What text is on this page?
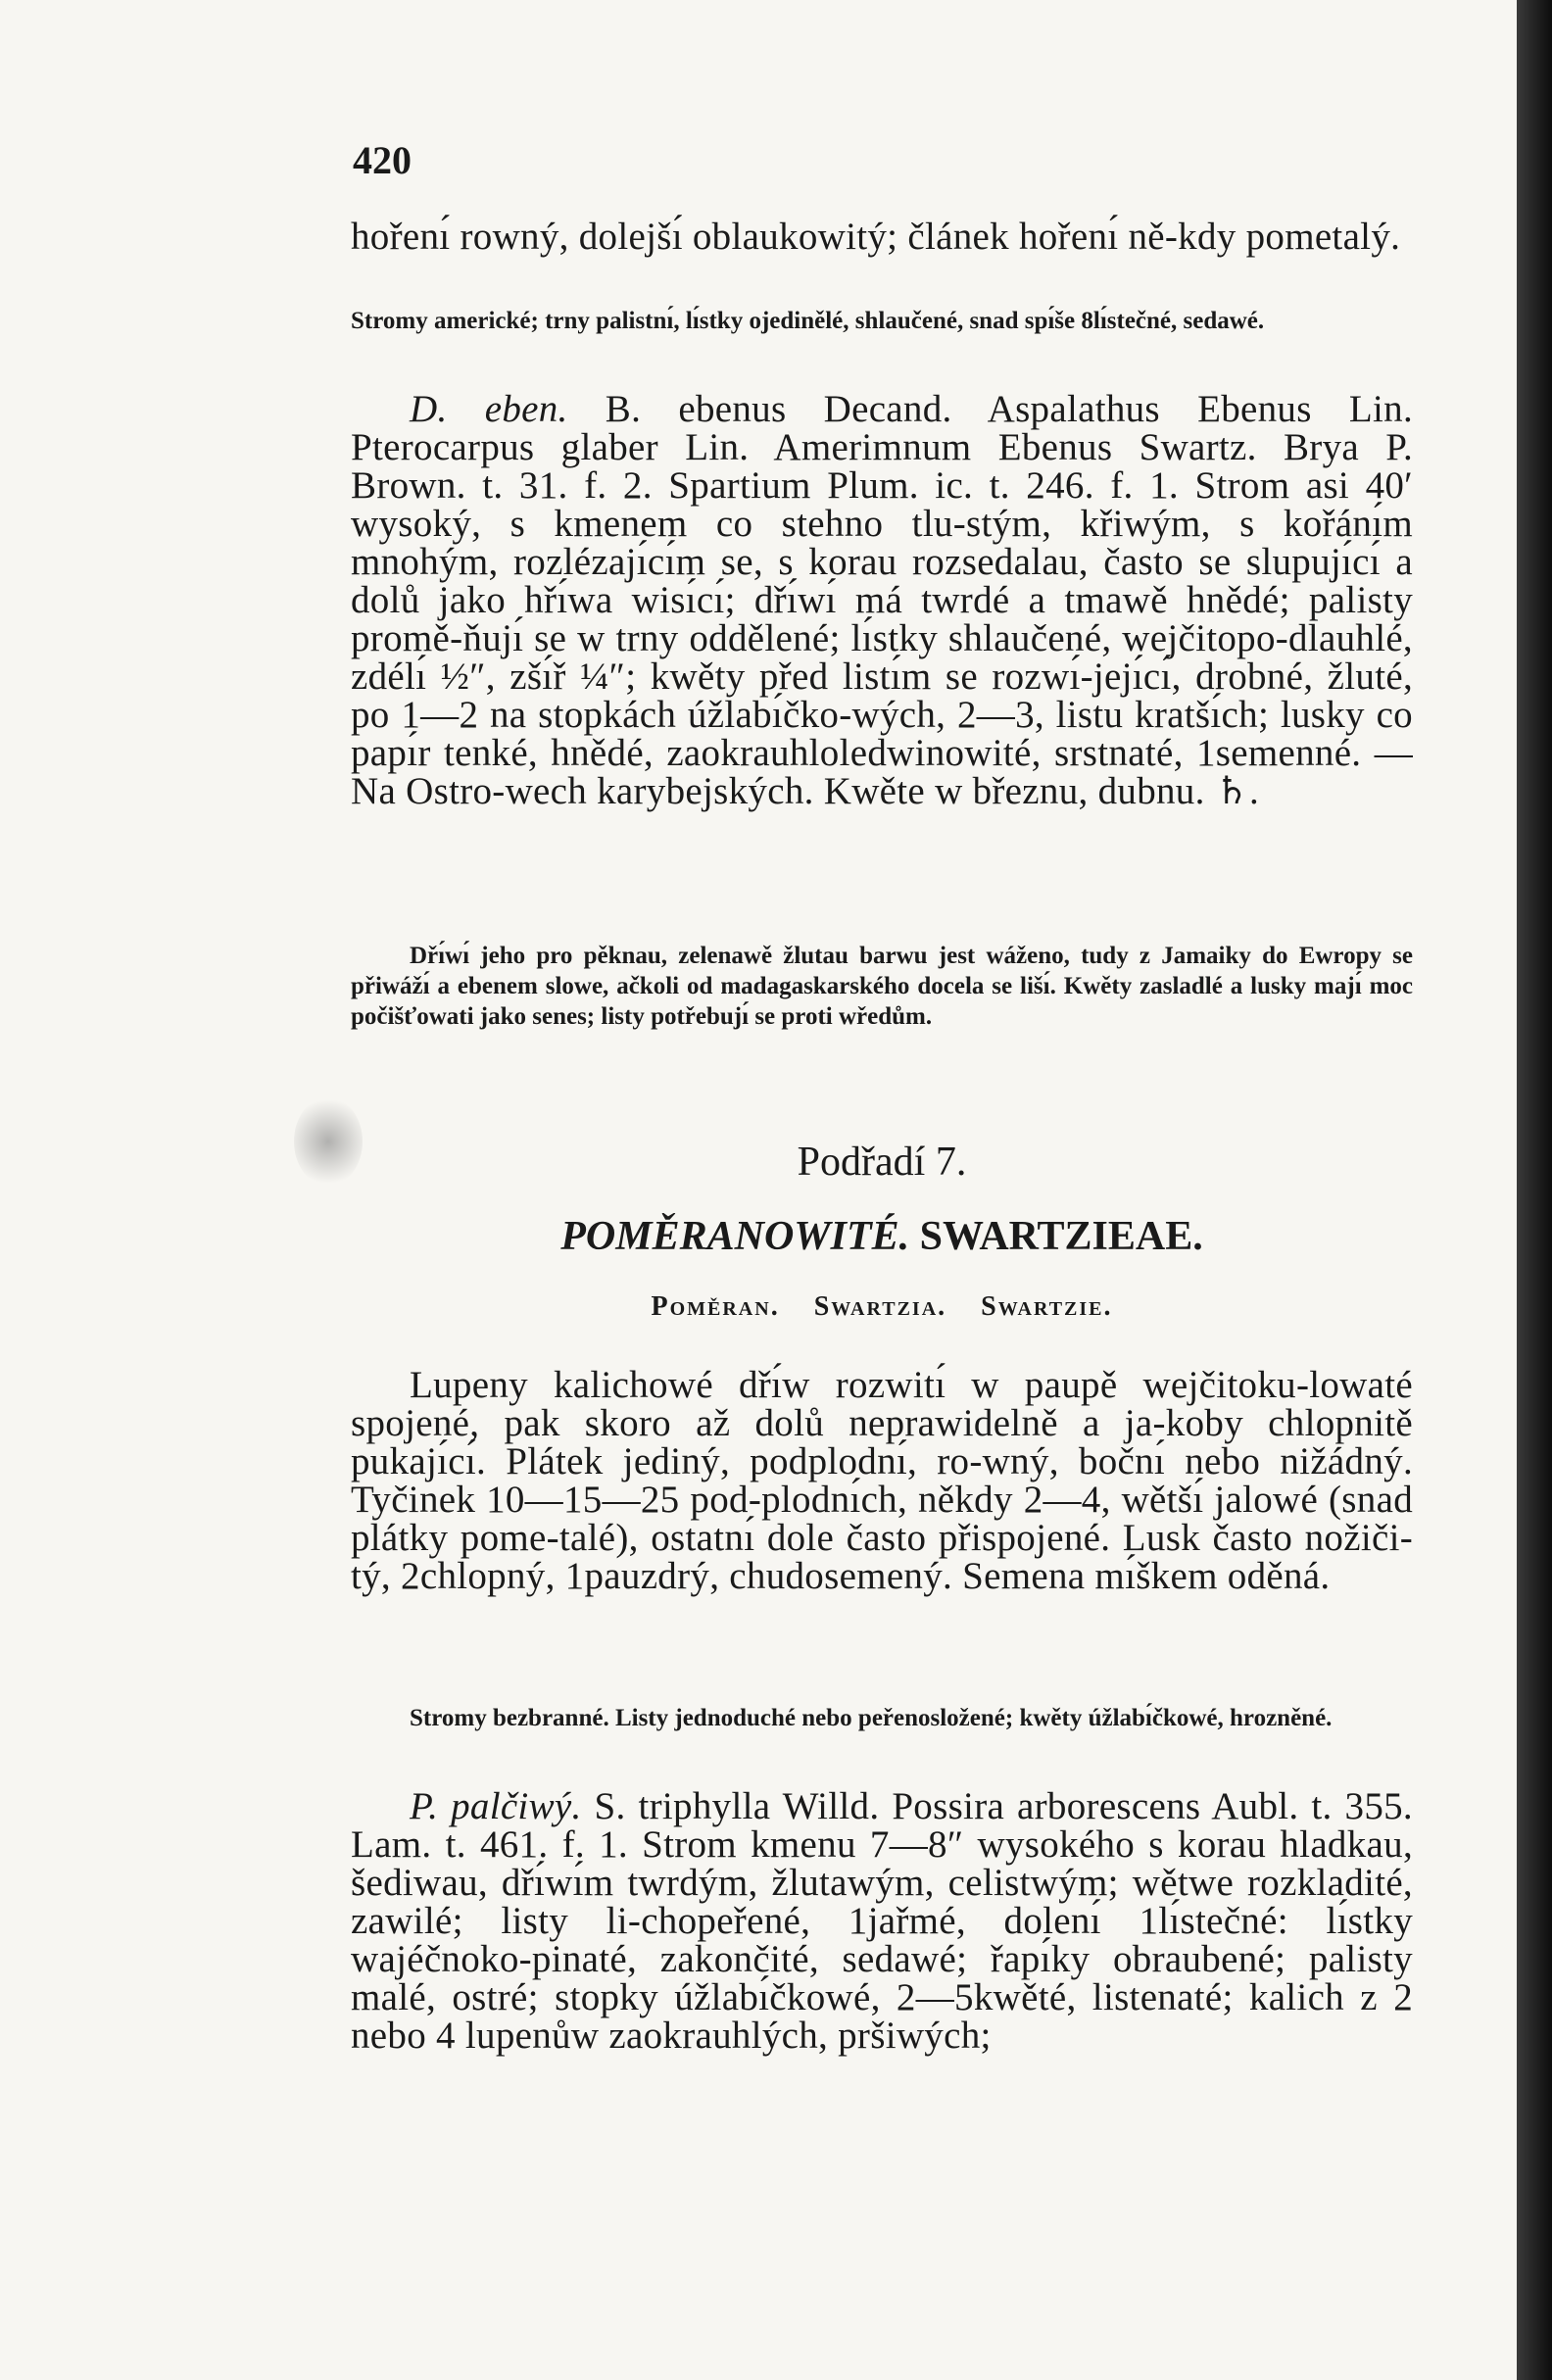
420

hořenı́ rowný, dolejšı́ oblaukowitý; článek hořenı́ ně-kdy pometalý.

Stromy americké; trny palistnı́, lı́stky ojedinělé, shlaučené, snad spı́še 8lı́stečné, sedawé.

D. eben. B. ebenus Decand. Aspalathus Ebenus Lin. Pterocarpus glaber Lin. Amerimnum Ebenus Swartz. Brya P. Brown. t. 31. f. 2. Spartium Plum. ic. t. 246. f. 1. Strom asi 40′ wysoký, s kmenem co stehno tlu-stým, křiwým, s kořánı́m mnohým, rozlézajı́cı́m se, s korau rozsedalau, často se slupujı́cı́ a dolů jako hřı́wa wisı́cı́; dřı́wı́ má twrdé a tmawě hnědé; palisty promě-ňujı́ se w trny oddělené; lı́stky shlaučené, wejčitopo-dlauhlé, zdélı́ ½″, zšı́ř ¼″; kwěty před listı́m se rozwı́-jejı́cı́, drobné, žluté, po 1—2 na stopkách úžlabı́čko-wých, 2—3, listu kratšı́ch; lusky co papı́r tenké, hnědé, zaokrauhloledwinowité, srstnaté, 1semenné. — Na Ostro-wech karybejských. Kwěte w březnu, dubnu. ♄.

Dřı́wı́ jeho pro pěknau, zelenawě žlutau barwu jest wáženo, tudy z Jamaiky do Ewropy se přiwážı́ a ebenem slowe, ačkoli od madagaskarského docela se lišı́. Kwěty zasladlé a lusky majı́ moc počišťowati jako senes; listy potřebujı́ se proti wředům.

Podřadí 7.
POMĚRANOWITÉ. SWARTZIEAE.
Poměran. Swartzia. Swartzie.

Lupeny kalichowé dřı́w rozwitı́ w paupě wejčitoku-lowaté spojené, pak skoro až dolů neprawidelně a ja-koby chlopnitě pukajı́cı́. Plátek jediný, podplodnı́, ro-wný, bočnı́ nebo nižádný. Tyčinek 10—15—25 pod-plodnı́ch, někdy 2—4, wětšı́ jalowé (snad plátky pome-talé), ostatnı́ dole často přispojené. Lusk často nožiči-tý, 2chlopný, 1pauzdrý, chudosemený. Semena mı́škem oděná.

Stromy bezbranné. Listy jednoduché nebo peřenosložené; kwěty úžlabı́čkowé, hrozněné.

P. palčiwý. S. triphylla Willd. Possira arborescens Aubl. t. 355. Lam. t. 461. f. 1. Strom kmenu 7—8″ wysokého s korau hladkau, šediwau, dřı́wı́m twrdým, žlutawým, celistwým; wětwe rozkladité, zawilé; listy li-chopeřené, 1jařmé, dolenı́ 1lı́stečné: lı́stky wajéčnoko-pinaté, zakončité, sedawé; řapı́ky obraubené; palisty malé, ostré; stopky úžlabı́čkowé, 2—5kwěté, listenaté; kalich z 2 nebo 4 lupenůw zaokrauhlých, pršiwých;
